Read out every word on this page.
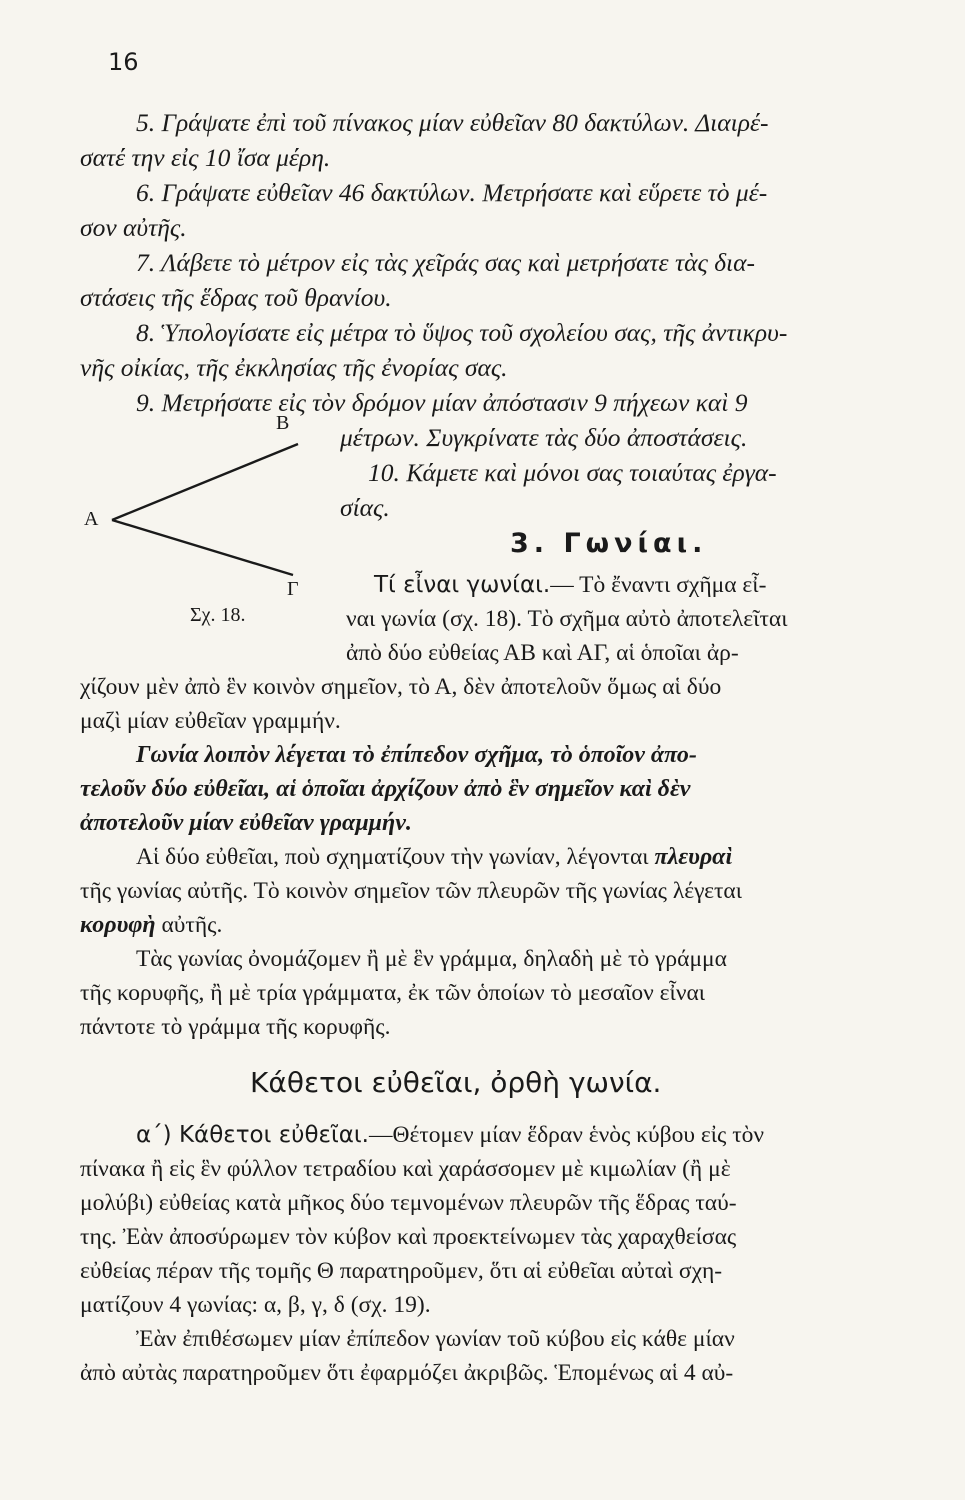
16
5. Γράψατε ἐπὶ τοῦ πίνακος μίαν εὐθεῖαν 80 δακτύλων. Διαιρέ-
σατέ την εἰς 10 ἴσα μέρη.
6. Γράψατε εὐθεῖαν 46 δακτύλων. Μετρήσατε καὶ εὕρετε τὸ μέ-
σον αὐτῆς.
7. Λάβετε τὸ μέτρον εἰς τὰς χεῖράς σας καὶ μετρήσατε τὰς δια-
στάσεις τῆς ἕδρας τοῦ θρανίου.
8. Ὑπολογίσατε εἰς μέτρα τὸ ὕψος τοῦ σχολείου σας, τῆς ἀντικρυ-
νῆς οἰκίας, τῆς ἐκκλησίας τῆς ἐνορίας σας.
9. Μετρήσατε εἰς τὸν δρόμον μίαν ἀπόστασιν 9 πήχεων καὶ 9
μέτρων. Συγκρίνατε τὰς δύο ἀποστάσεις.
10. Κάμετε καὶ μόνοι σας τοιαύτας ἐργα-
σίας.
Α
Β
Γ
Σχ. 18.
3. Γωνίαι.
Τί εἶναι γωνίαι.— Τὸ ἔναντι σχῆμα εἶ-
ναι γωνία (σχ. 18). Τὸ σχῆμα αὐτὸ ἀποτελεῖται
ἀπὸ δύο εὐθείας ΑΒ καὶ ΑΓ, αἱ ὁποῖαι ἀρ-
χίζουν μὲν ἀπὸ ἓν κοινὸν σημεῖον, τὸ Α, δὲν ἀποτελοῦν ὅμως αἱ δύο
μαζὶ μίαν εὐθεῖαν γραμμήν.
Γωνία λοιπὸν λέγεται τὸ ἐπίπεδον σχῆμα, τὸ ὁποῖον ἀπο-
τελοῦν δύο εὐθεῖαι, αἱ ὁποῖαι ἀρχίζουν ἀπὸ ἓν σημεῖον καὶ δὲν
ἀποτελοῦν μίαν εὐθεῖαν γραμμήν.
Αἱ δύο εὐθεῖαι, ποὺ σχηματίζουν τὴν γωνίαν, λέγονται πλευραὶ
τῆς γωνίας αὐτῆς. Τὸ κοινὸν σημεῖον τῶν πλευρῶν τῆς γωνίας λέγεται
κορυφὴ αὐτῆς.
Τὰς γωνίας ὀνομάζομεν ἢ μὲ ἓν γράμμα, δηλαδὴ μὲ τὸ γράμμα
τῆς κορυφῆς, ἢ μὲ τρία γράμματα, ἐκ τῶν ὁποίων τὸ μεσαῖον εἶναι
πάντοτε τὸ γράμμα τῆς κορυφῆς.
Κάθετοι εὐθεῖαι, ὀρθὴ γωνία.
α΄) Κάθετοι εὐθεῖαι.—Θέτομεν μίαν ἕδραν ἑνὸς κύβου εἰς τὸν
πίνακα ἢ εἰς ἓν φύλλον τετραδίου καὶ χαράσσομεν μὲ κιμωλίαν (ἢ μὲ
μολύβι) εὐθείας κατὰ μῆκος δύο τεμνομένων πλευρῶν τῆς ἕδρας ταύ-
της. Ἐὰν ἀποσύρωμεν τὸν κύβον καὶ προεκτείνωμεν τὰς χαραχθείσας
εὐθείας πέραν τῆς τομῆς Θ παρατηροῦμεν, ὅτι αἱ εὐθεῖαι αὐταὶ σχη-
ματίζουν 4 γωνίας: α, β, γ, δ (σχ. 19).
Ἐὰν ἐπιθέσωμεν μίαν ἐπίπεδον γωνίαν τοῦ κύβου εἰς κάθε μίαν
ἀπὸ αὐτὰς παρατηροῦμεν ὅτι ἐφαρμόζει ἀκριβῶς. Ἑπομένως αἱ 4 αὐ-
